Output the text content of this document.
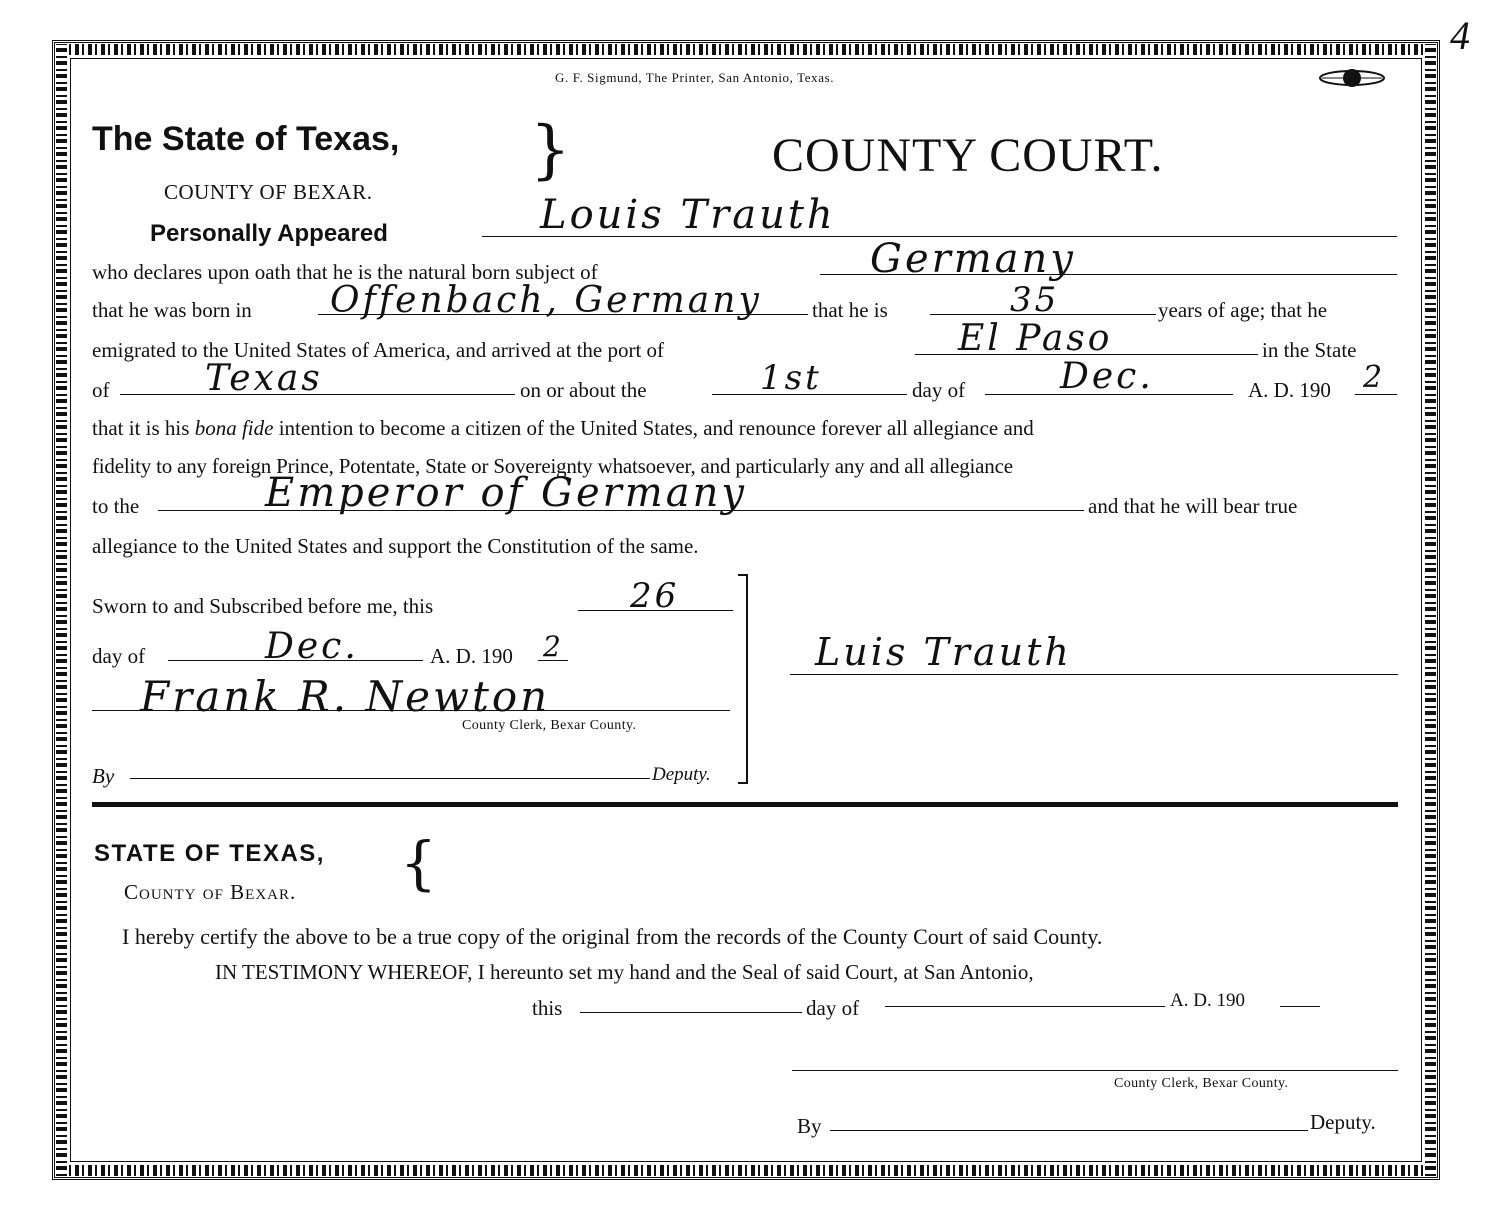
4
G. F. Sigmund, The Printer, San Antonio, Texas.
The State of Texas, }
COUNTY OF BEXAR.
COUNTY COURT.
Personally Appeared	Louis Trauth
who declares upon oath that he is the natural born subject of	Germany
that he was born in Offenbach, Germany that he is	35	years of age; that he
emigrated to the United States of America, and arrived at the port of	El Paso	in the State
of	Texas	on or about the	1st	day of	Dec.	A. D. 190 2
that it is his bona fide intention to become a citizen of the United States, and renounce forever all allegiance and
fidelity to any foreign Prince, Potentate, State or Sovereignty whatsoever, and particularly any and all allegiance
to the	Emperor of Germany	and that he will bear true
allegiance to the United States and support the Constitution of the same.
Sworn to and Subscribed before me, this	26
day of	Dec.	A. D. 190 2
Frank R. Newton
County Clerk, Bexar County.
By	Deputy.
Luis Trauth
STATE OF TEXAS, {
County of Bexar.
I hereby certify the above to be a true copy of the original from the records of the County Court of said County.
IN TESTIMONY WHEREOF, I hereunto set my hand and the Seal of said Court, at San Antonio,
this	day of	A. D. 190
County Clerk, Bexar County.
By	Deputy.
